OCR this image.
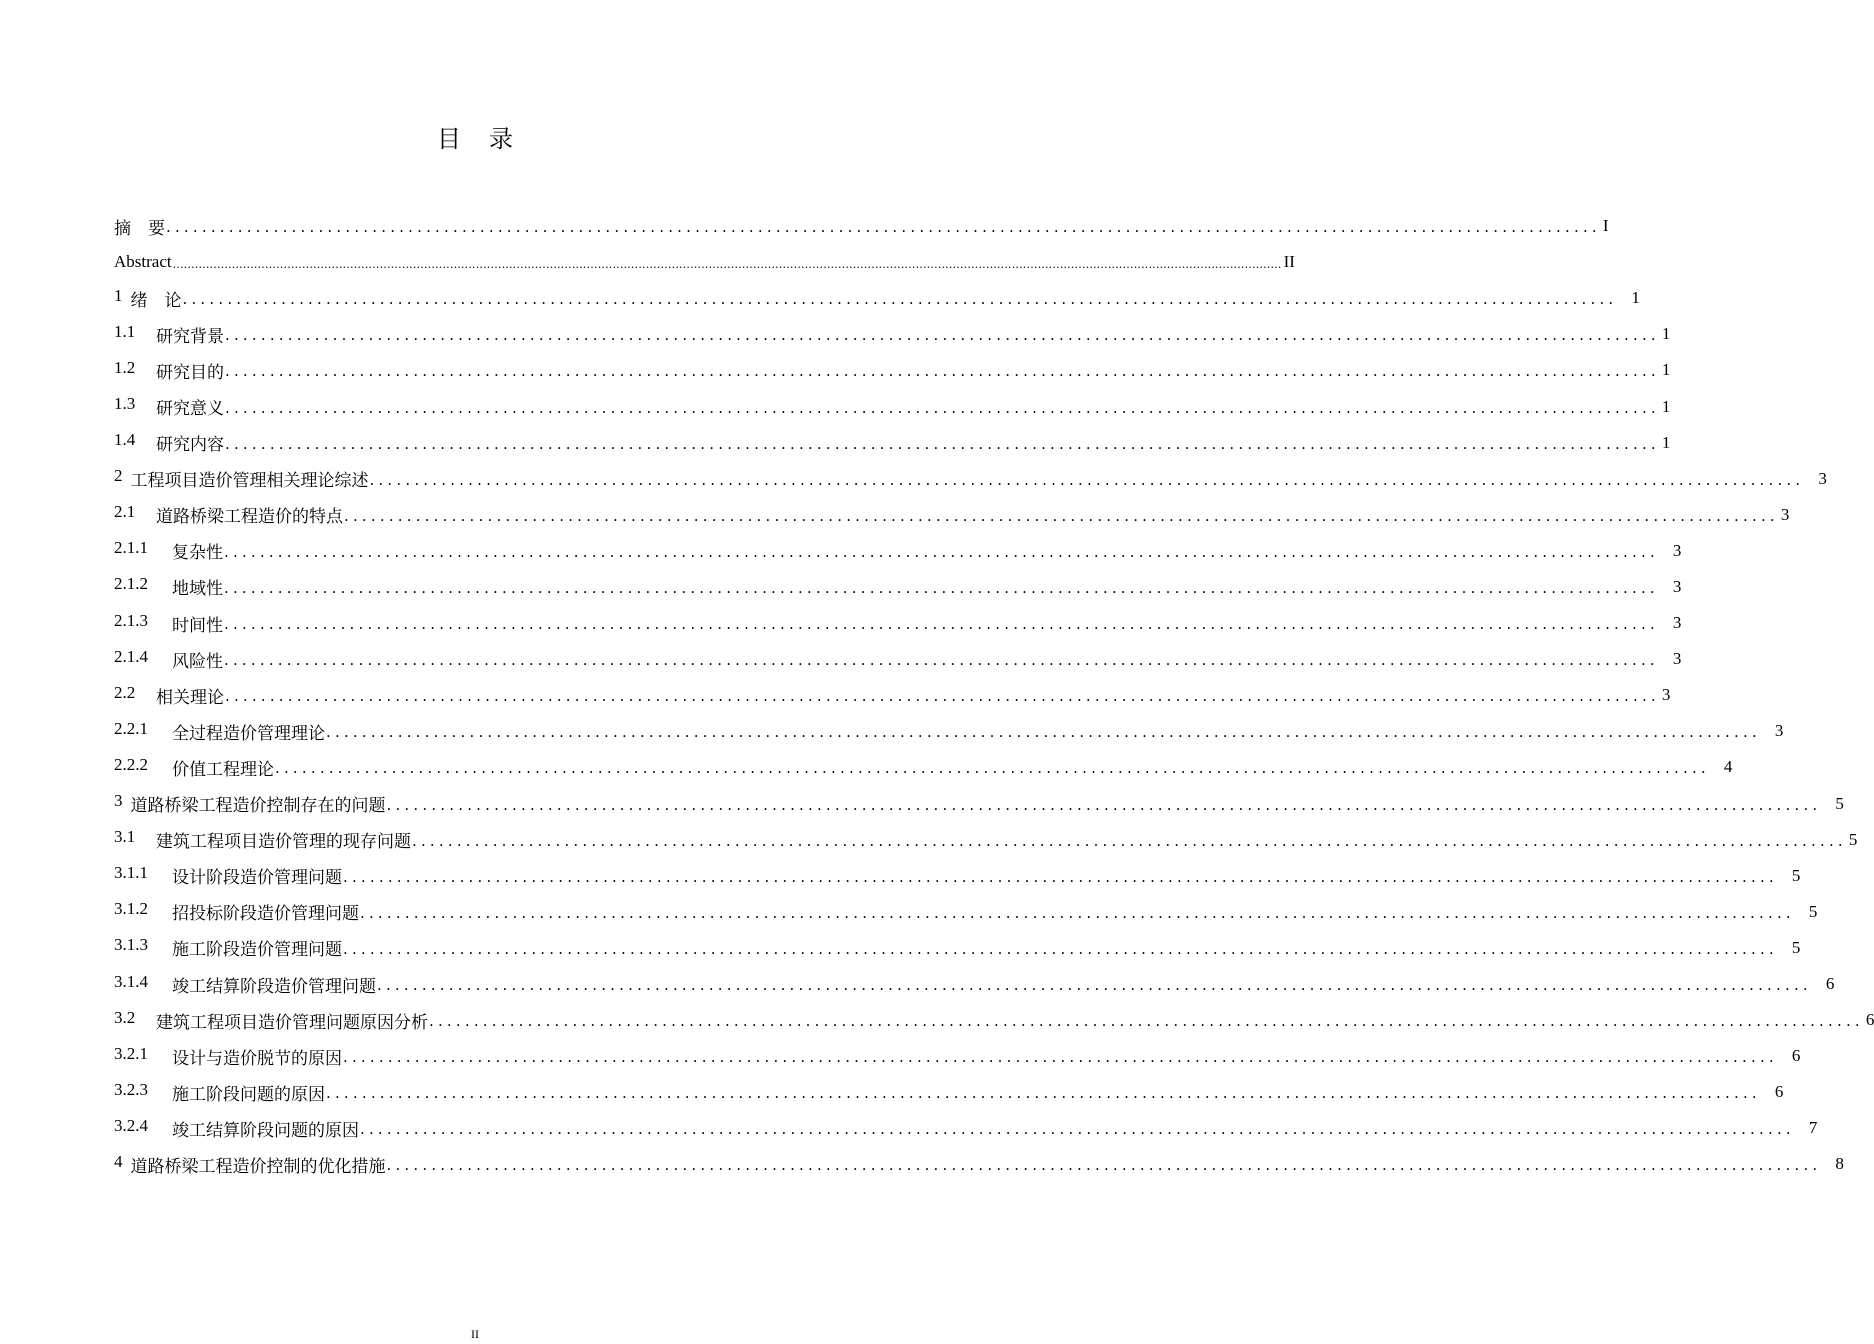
目 录
摘　要 ................................................................................................................................................................ I
Abstract ............................................................................................................................................................................................................................................................................................................ II
1 绪　论 ................................................................................................................................................................ 1
1.1	研究背景 ................................................................................................................................................................ 1
1.2	研究目的 ................................................................................................................................................................ 1
1.3	研究意义 ................................................................................................................................................................ 1
1.4	研究内容 ................................................................................................................................................................ 1
2 工程项目造价管理相关理论综述 ................................................................................................................................................................ 3
2.1	道路桥梁工程造价的特点 ................................................................................................................................................................ 3
2.1.1	复杂性 ................................................................................................................................................................ 3
2.1.2	地域性 ................................................................................................................................................................ 3
2.1.3	时间性 ................................................................................................................................................................ 3
2.1.4	风险性 ................................................................................................................................................................ 3
2.2	相关理论 ................................................................................................................................................................ 3
2.2.1	全过程造价管理理论 ................................................................................................................................................................ 3
2.2.2	价值工程理论 ................................................................................................................................................................ 4
3 道路桥梁工程造价控制存在的问题 ................................................................................................................................................................ 5
3.1	建筑工程项目造价管理的现存问题 ................................................................................................................................................................ 5
3.1.1	设计阶段造价管理问题 ................................................................................................................................................................ 5
3.1.2	招投标阶段造价管理问题 ................................................................................................................................................................ 5
3.1.3	施工阶段造价管理问题 ................................................................................................................................................................ 5
3.1.4	竣工结算阶段造价管理问题 ................................................................................................................................................................ 6
3.2	建筑工程项目造价管理问题原因分析 ................................................................................................................................................................ 6
3.2.1	设计与造价脱节的原因 ................................................................................................................................................................ 6
3.2.3	施工阶段问题的原因 ................................................................................................................................................................ 6
3.2.4	竣工结算阶段问题的原因 ................................................................................................................................................................ 7
4 道路桥梁工程造价控制的优化措施 ................................................................................................................................................................ 8
II
